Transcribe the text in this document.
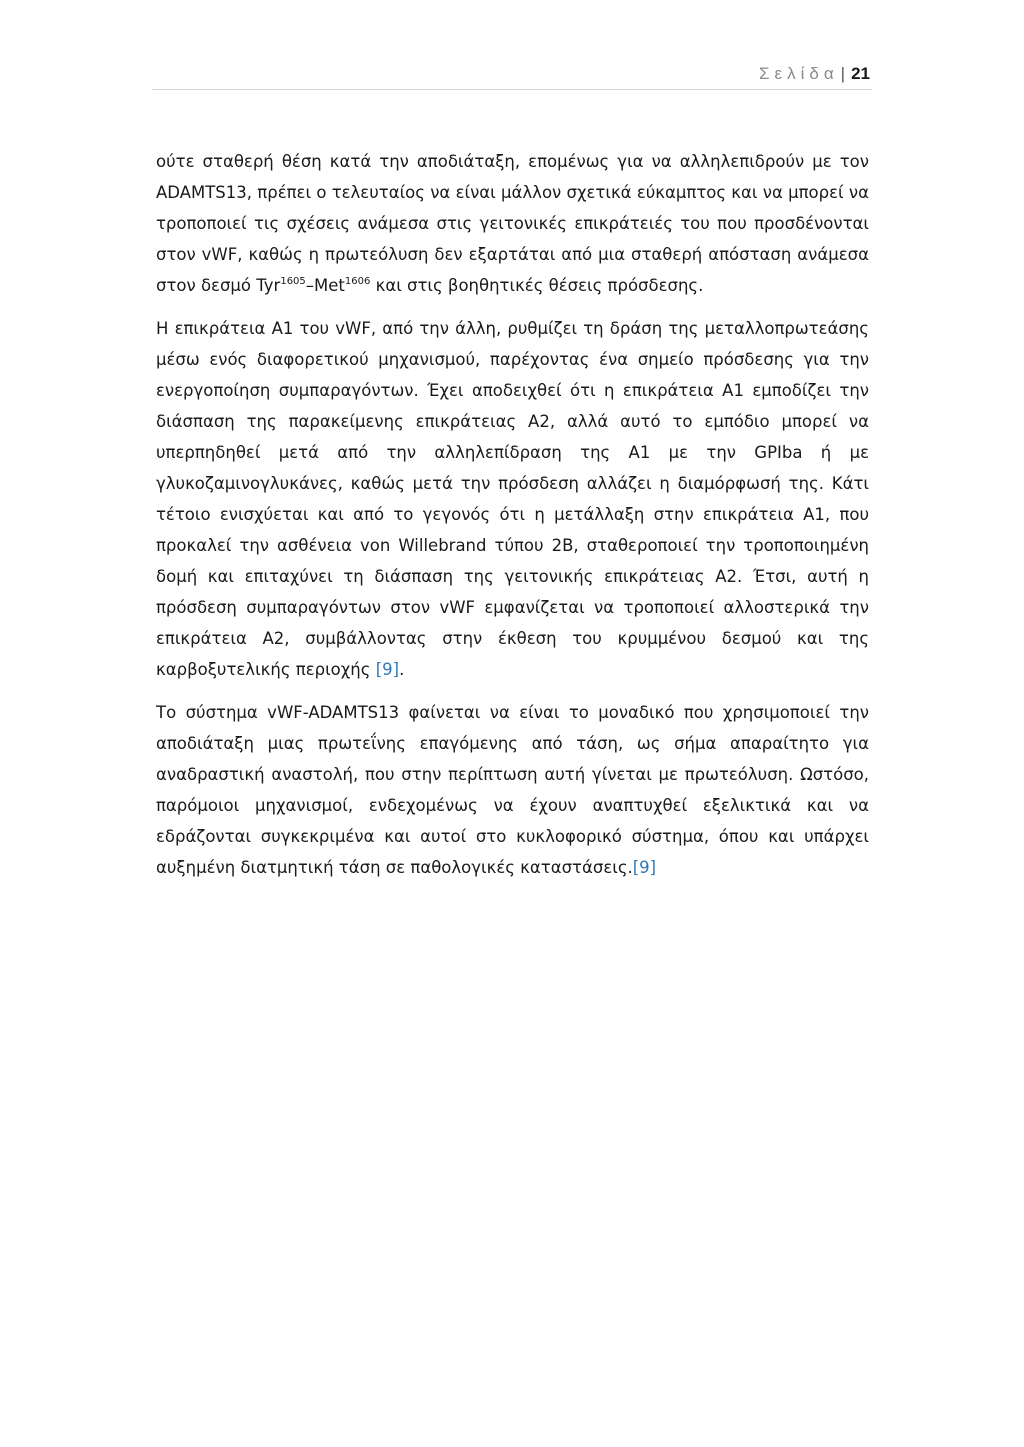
Σελίδα | 21

ούτε σταθερή θέση κατά την αποδιάταξη, επομένως για να αλληλεπιδρούν με τον ADAMTS13, πρέπει ο τελευταίος να είναι μάλλον σχετικά εύκαμπτος και να μπορεί να τροποποιεί τις σχέσεις ανάμεσα στις γειτονικές επικράτειές του που προσδένονται στον vWF, καθώς η πρωτεόλυση δεν εξαρτάται από μια σταθερή απόσταση ανάμεσα στον δεσμό Tyr$^{1605}$–Met$^{1606}$ και στις βοηθητικές θέσεις πρόσδεσης.

Η επικράτεια A1 του vWF, από την άλλη, ρυθμίζει τη δράση της μεταλλοπρωτεάσης μέσω ενός διαφορετικού μηχανισμού, παρέχοντας ένα σημείο πρόσδεσης για την ενεργοποίηση συμπαραγόντων. Έχει αποδειχθεί ότι η επικράτεια A1 εμποδίζει την διάσπαση της παρακείμενης επικράτειας A2, αλλά αυτό το εμπόδιο μπορεί να υπερπηδηθεί μετά από την αλληλεπίδραση της A1 με την GPIba ή με γλυκοζαμινογλυκάνες, καθώς μετά την πρόσδεση αλλάζει η διαμόρφωσή της. Κάτι τέτοιο ενισχύεται και από το γεγονός ότι η μετάλλαξη στην επικράτεια A1, που προκαλεί την ασθένεια von Willebrand τύπου 2B, σταθεροποιεί την τροποποιημένη δομή και επιταχύνει τη διάσπαση της γειτονικής επικράτειας A2. Έτσι, αυτή η πρόσδεση συμπαραγόντων στον vWF εμφανίζεται να τροποποιεί αλλοστερικά την επικράτεια A2, συμβάλλοντας στην έκθεση του κρυμμένου δεσμού και της καρβοξυτελικής περιοχής [9].

Το σύστημα vWF-ADAMTS13 φαίνεται να είναι το μοναδικό που χρησιμοποιεί την αποδιάταξη μιας πρωτεΐνης επαγόμενης από τάση, ως σήμα απαραίτητο για αναδραστική αναστολή, που στην περίπτωση αυτή γίνεται με πρωτεόλυση. Ωστόσο, παρόμοιοι μηχανισμοί, ενδεχομένως να έχουν αναπτυχθεί εξελικτικά και να εδράζονται συγκεκριμένα και αυτοί στο κυκλοφορικό σύστημα, όπου και υπάρχει αυξημένη διατμητική τάση σε παθολογικές καταστάσεις.[9]
